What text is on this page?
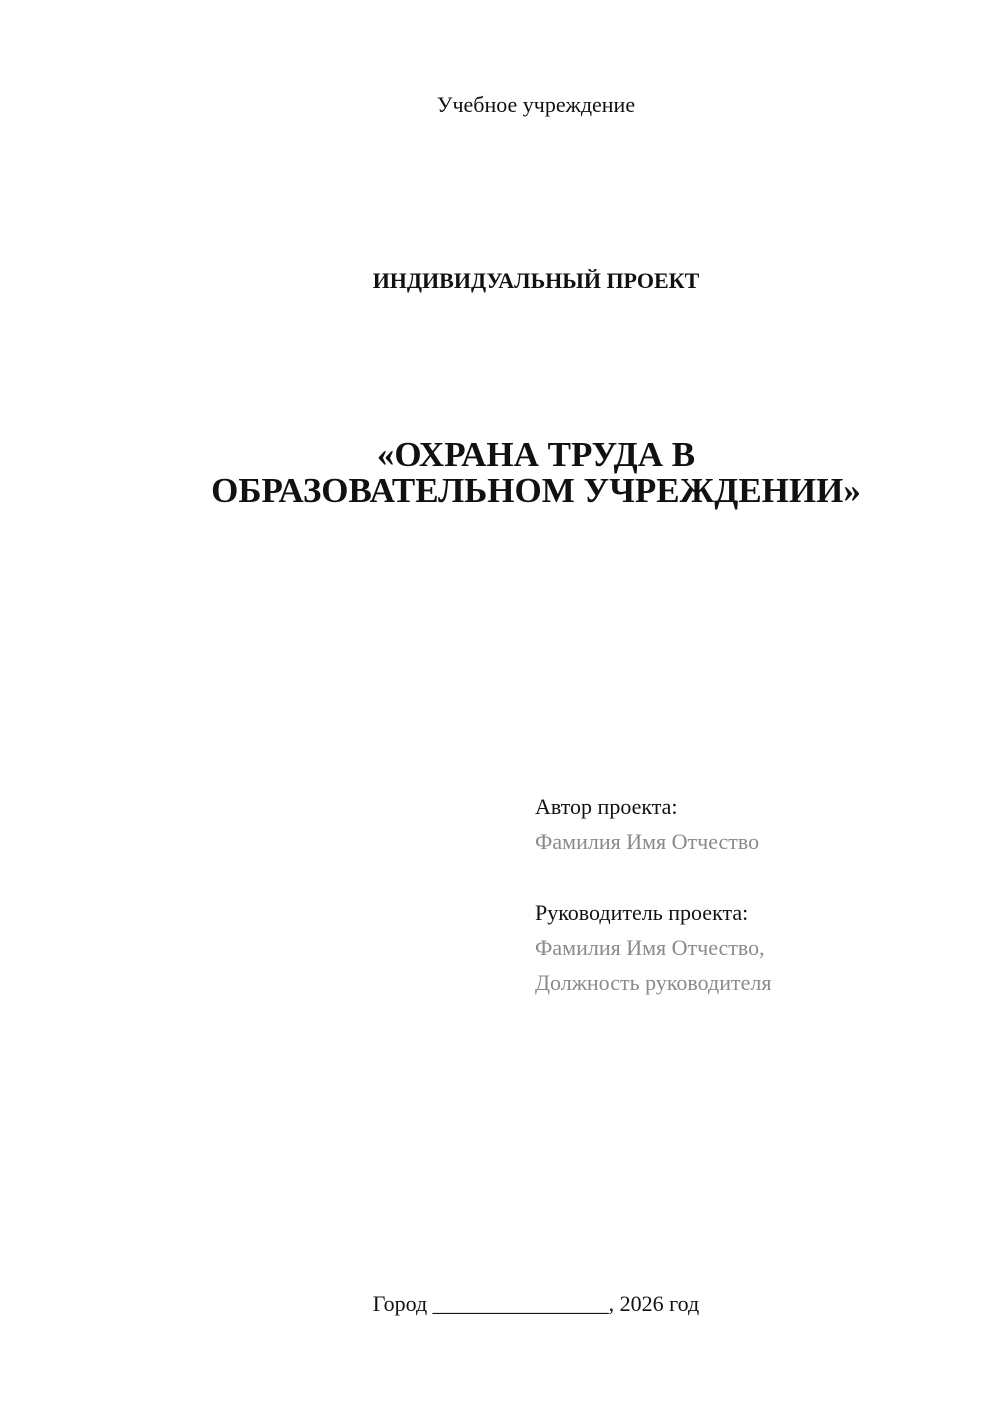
Учебное учреждение
ИНДИВИДУАЛЬНЫЙ ПРОЕКТ
«ОХРАНА ТРУДА В
ОБРАЗОВАТЕЛЬНОМ УЧРЕЖДЕНИИ»
Автор проекта:
Фамилия Имя Отчество
Руководитель проекта:
Фамилия Имя Отчество,
Должность руководителя
Город ________________, 2026 год
